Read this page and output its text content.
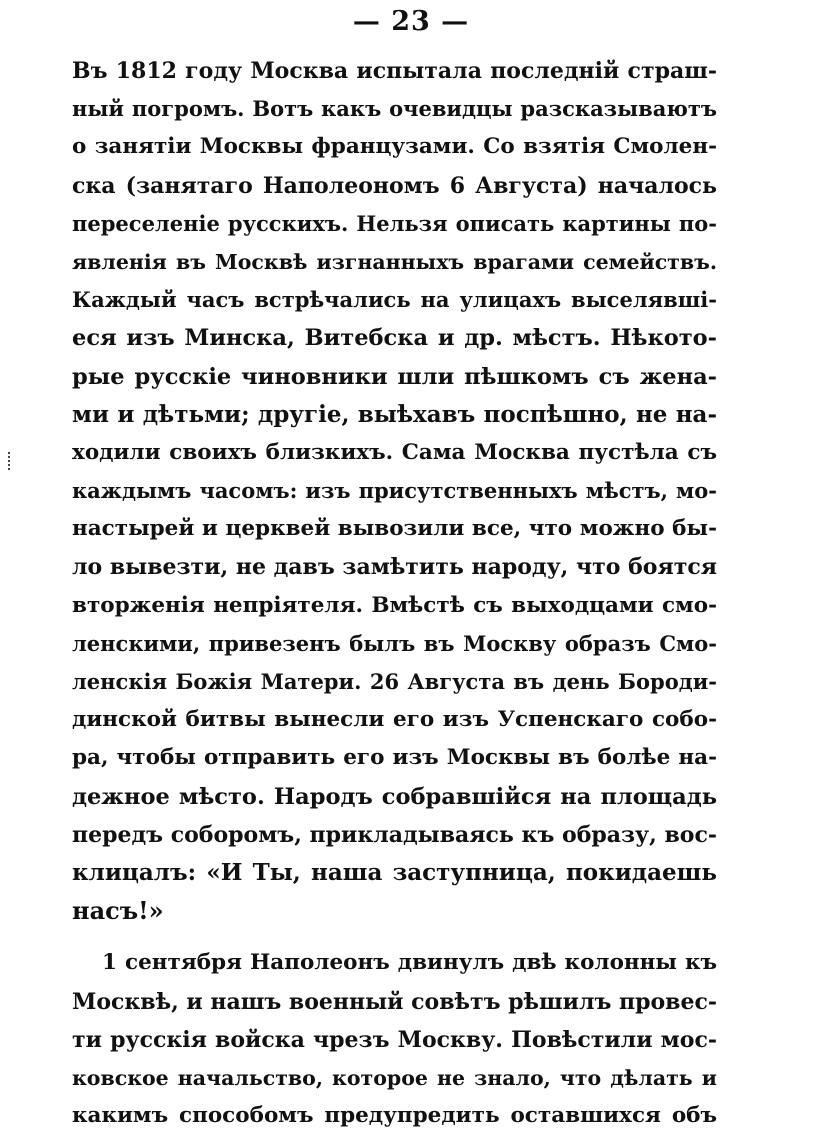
— 23 —
Въ 1812 году Москва испытала последній страш-
ный погромъ. Вотъ какъ очевидцы разсказываютъ
о занятіи Москвы французами. Со взятія Смолен-
ска (занятаго Наполеономъ 6 Августа) началось
переселеніе русскихъ. Нельзя описать картины по-
явленія въ Москвѣ изгнанныхъ врагами семействъ.
Каждый часъ встрѣчались на улицахъ выселявші-
еся изъ Минска, Витебска и др. мѣстъ. Нѣкото-
рые русскіе чиновники шли пѣшкомъ съ жена-
ми и дѣтьми; другіе, выѣхавъ поспѣшно, не на-
ходили своихъ близкихъ. Сама Москва пустѣла съ
каждымъ часомъ: изъ присутственныхъ мѣстъ, мо-
настырей и церквей вывозили все, что можно бы-
ло вывезти, не давъ замѣтить народу, что боятся
вторженія непріятеля. Вмѣстѣ съ выходцами смо-
ленскими, привезенъ былъ въ Москву образъ Смо-
ленскія Божія Матери. 26 Августа въ день Бороди-
динской битвы вынесли его изъ Успенскаго собо-
ра, чтобы отправить его изъ Москвы въ болѣе на-
дежное мѣсто. Народъ собравшійся на площадь
передъ соборомъ, прикладываясь къ образу, вос-
клицалъ: «И Ты, наша заступница, покидаешь
насъ!»
1 сентября Наполеонъ двинулъ двѣ колонны къ
Москвѣ, и нашъ военный совѣтъ рѣшилъ провес-
ти русскія войска чрезъ Москву. Повѣстили мос-
ковское начальство, которое не знало, что дѣлать и
какимъ способомъ предупредить оставшихся объ
